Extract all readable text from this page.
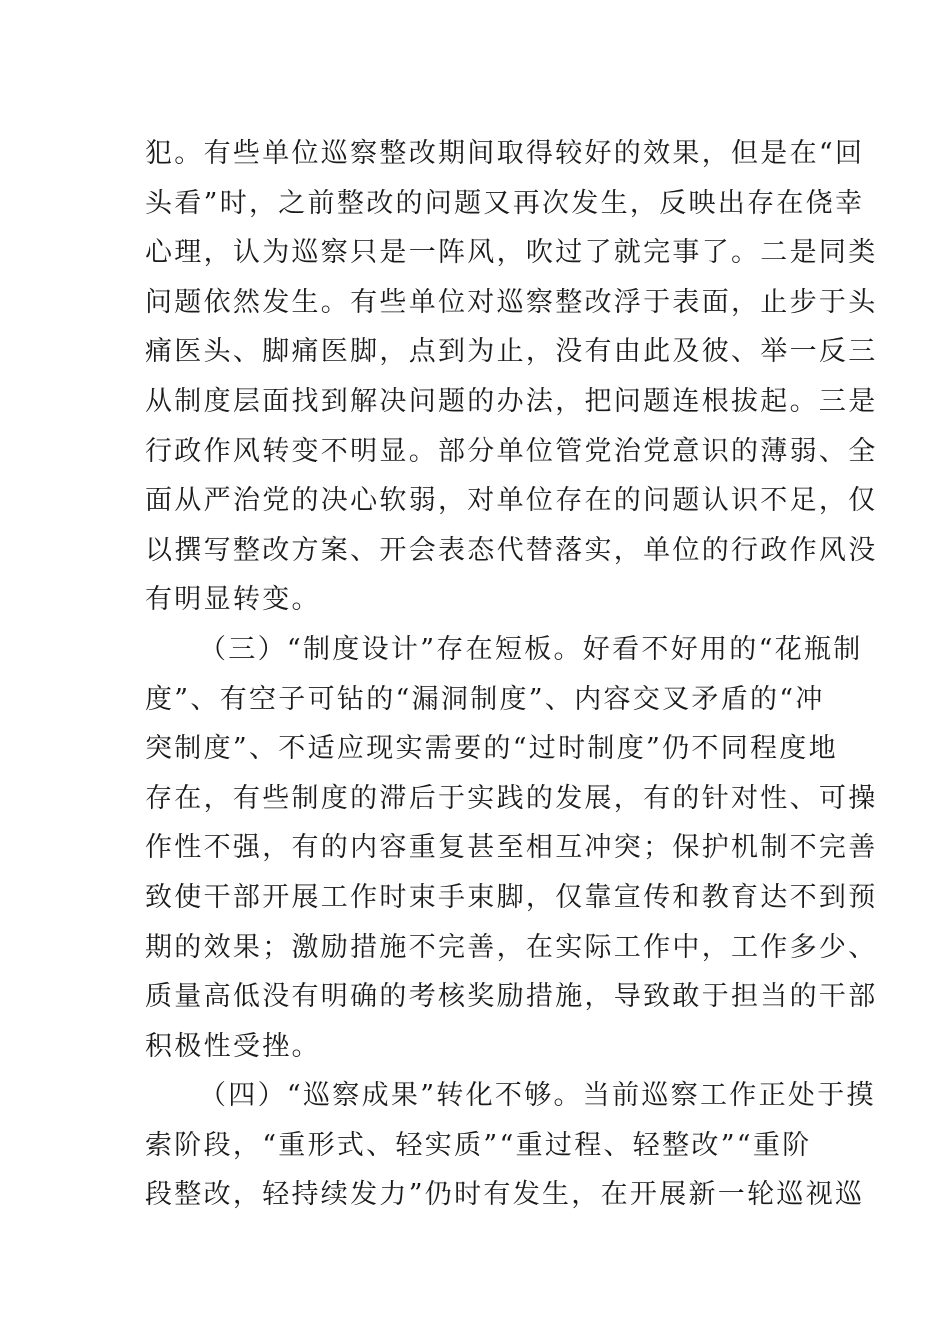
犯。有些单位巡察整改期间取得较好的效果，但是在“回
头看”时，之前整改的问题又再次发生，反映出存在侥幸
心理，认为巡察只是一阵风，吹过了就完事了。二是同类
问题依然发生。有些单位对巡察整改浮于表面，止步于头
痛医头、脚痛医脚，点到为止，没有由此及彼、举一反三
从制度层面找到解决问题的办法，把问题连根拔起。三是
行政作风转变不明显。部分单位管党治党意识的薄弱、全
面从严治党的决心软弱，对单位存在的问题认识不足，仅
以撰写整改方案、开会表态代替落实，单位的行政作风没
有明显转变。
（三）“制度设计”存在短板。好看不好用的“花瓶制
度”、有空子可钻的“漏洞制度”、内容交叉矛盾的“冲
突制度”、不适应现实需要的“过时制度”仍不同程度地
存在，有些制度的滞后于实践的发展，有的针对性、可操
作性不强，有的内容重复甚至相互冲突；保护机制不完善
致使干部开展工作时束手束脚，仅靠宣传和教育达不到预
期的效果；激励措施不完善，在实际工作中，工作多少、
质量高低没有明确的考核奖励措施，导致敢于担当的干部
积极性受挫。
（四）“巡察成果”转化不够。当前巡察工作正处于摸
索阶段，“重形式、轻实质”“重过程、轻整改”“重阶
段整改，轻持续发力”仍时有发生，在开展新一轮巡视巡
